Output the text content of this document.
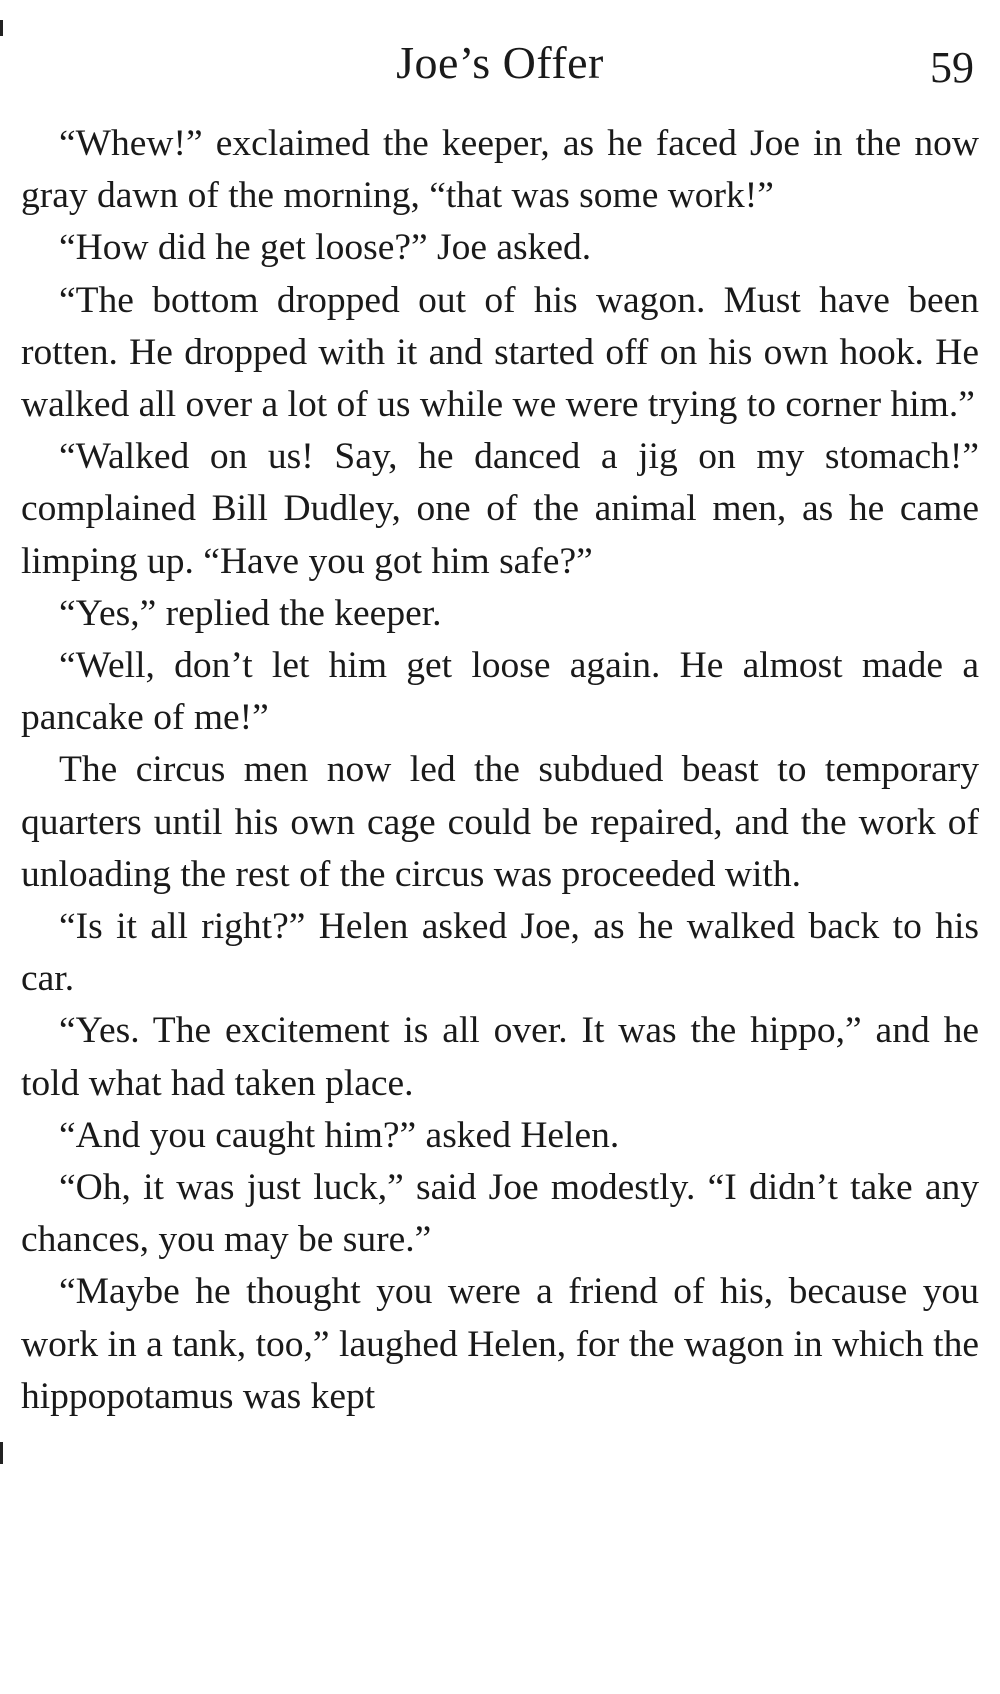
Joe’s Offer	59

“Whew!” exclaimed the keeper, as he faced Joe in the now gray dawn of the morning, “that was some work!”

“How did he get loose?” Joe asked.

“The bottom dropped out of his wagon. Must have been rotten. He dropped with it and started off on his own hook. He walked all over a lot of us while we were trying to corner him.”

“Walked on us! Say, he danced a jig on my stomach!” complained Bill Dudley, one of the animal men, as he came limping up. “Have you got him safe?”

“Yes,” replied the keeper.

“Well, don’t let him get loose again. He almost made a pancake of me!”

The circus men now led the subdued beast to temporary quarters until his own cage could be repaired, and the work of unloading the rest of the circus was proceeded with.

“Is it all right?” Helen asked Joe, as he walked back to his car.

“Yes. The excitement is all over. It was the hippo,” and he told what had taken place.

“And you caught him?” asked Helen.

“Oh, it was just luck,” said Joe modestly. “I didn’t take any chances, you may be sure.”

“Maybe he thought you were a friend of his, because you work in a tank, too,” laughed Helen, for the wagon in which the hippopotamus was kept
